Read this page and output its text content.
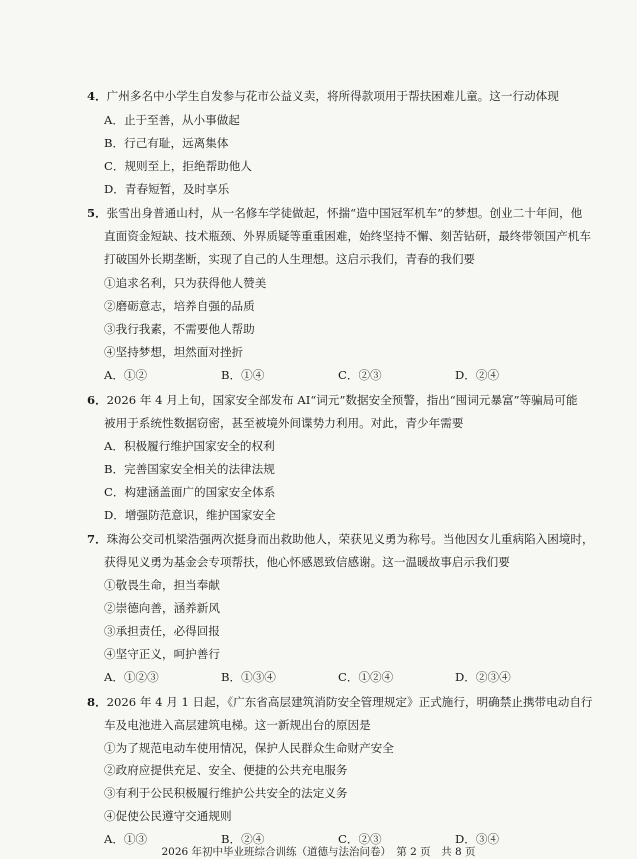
4．广州多名中小学生自发参与花市公益义卖，将所得款项用于帮扶困难儿童。这一行动体现
A．止于至善，从小事做起
B．行己有耻，远离集体
C．规则至上，拒绝帮助他人
D．青春短暂，及时享乐
5．张雪出身普通山村，从一名修车学徒做起，怀揣“造中国冠军机车”的梦想。创业二十年间，他
直面资金短缺、技术瓶颈、外界质疑等重重困难，始终坚持不懈、刻苦钻研，最终带领国产机车
打破国外长期垄断，实现了自己的人生理想。这启示我们，青春的我们要
①追求名利，只为获得他人赞美
②磨砺意志，培养自强的品质
③我行我素，不需要他人帮助
④坚持梦想，坦然面对挫折
A．①②	B．①④	C．②③	D．②④
6．2026 年 4 月上旬，国家安全部发布 AI“词元”数据安全预警，指出“囤词元暴富”等骗局可能
被用于系统性数据窃密，甚至被境外间谍势力利用。对此，青少年需要
A．积极履行维护国家安全的权利
B．完善国家安全相关的法律法规
C．构建涵盖面广的国家安全体系
D．增强防范意识，维护国家安全
7．珠海公交司机梁浩强两次挺身而出救助他人，荣获见义勇为称号。当他因女儿重病陷入困境时，
获得见义勇为基金会专项帮扶，他心怀感恩致信感谢。这一温暖故事启示我们要
①敬畏生命，担当奉献
②崇德向善，涵养新风
③承担责任，必得回报
④坚守正义，呵护善行
A．①②③	B．①③④	C．①②④	D．②③④
8．2026 年 4 月 1 日起，《广东省高层建筑消防安全管理规定》正式施行，明确禁止携带电动自行
车及电池进入高层建筑电梯。这一新规出台的原因是
①为了规范电动车使用情况，保护人民群众生命财产安全
②政府应提供充足、安全、便捷的公共充电服务
③有利于公民积极履行维护公共安全的法定义务
④促使公民遵守交通规则
A．①③	B．②④	C．②③	D．③④
2026 年初中毕业班综合训练（道德与法治问卷）　第 2 页　共 8 页
